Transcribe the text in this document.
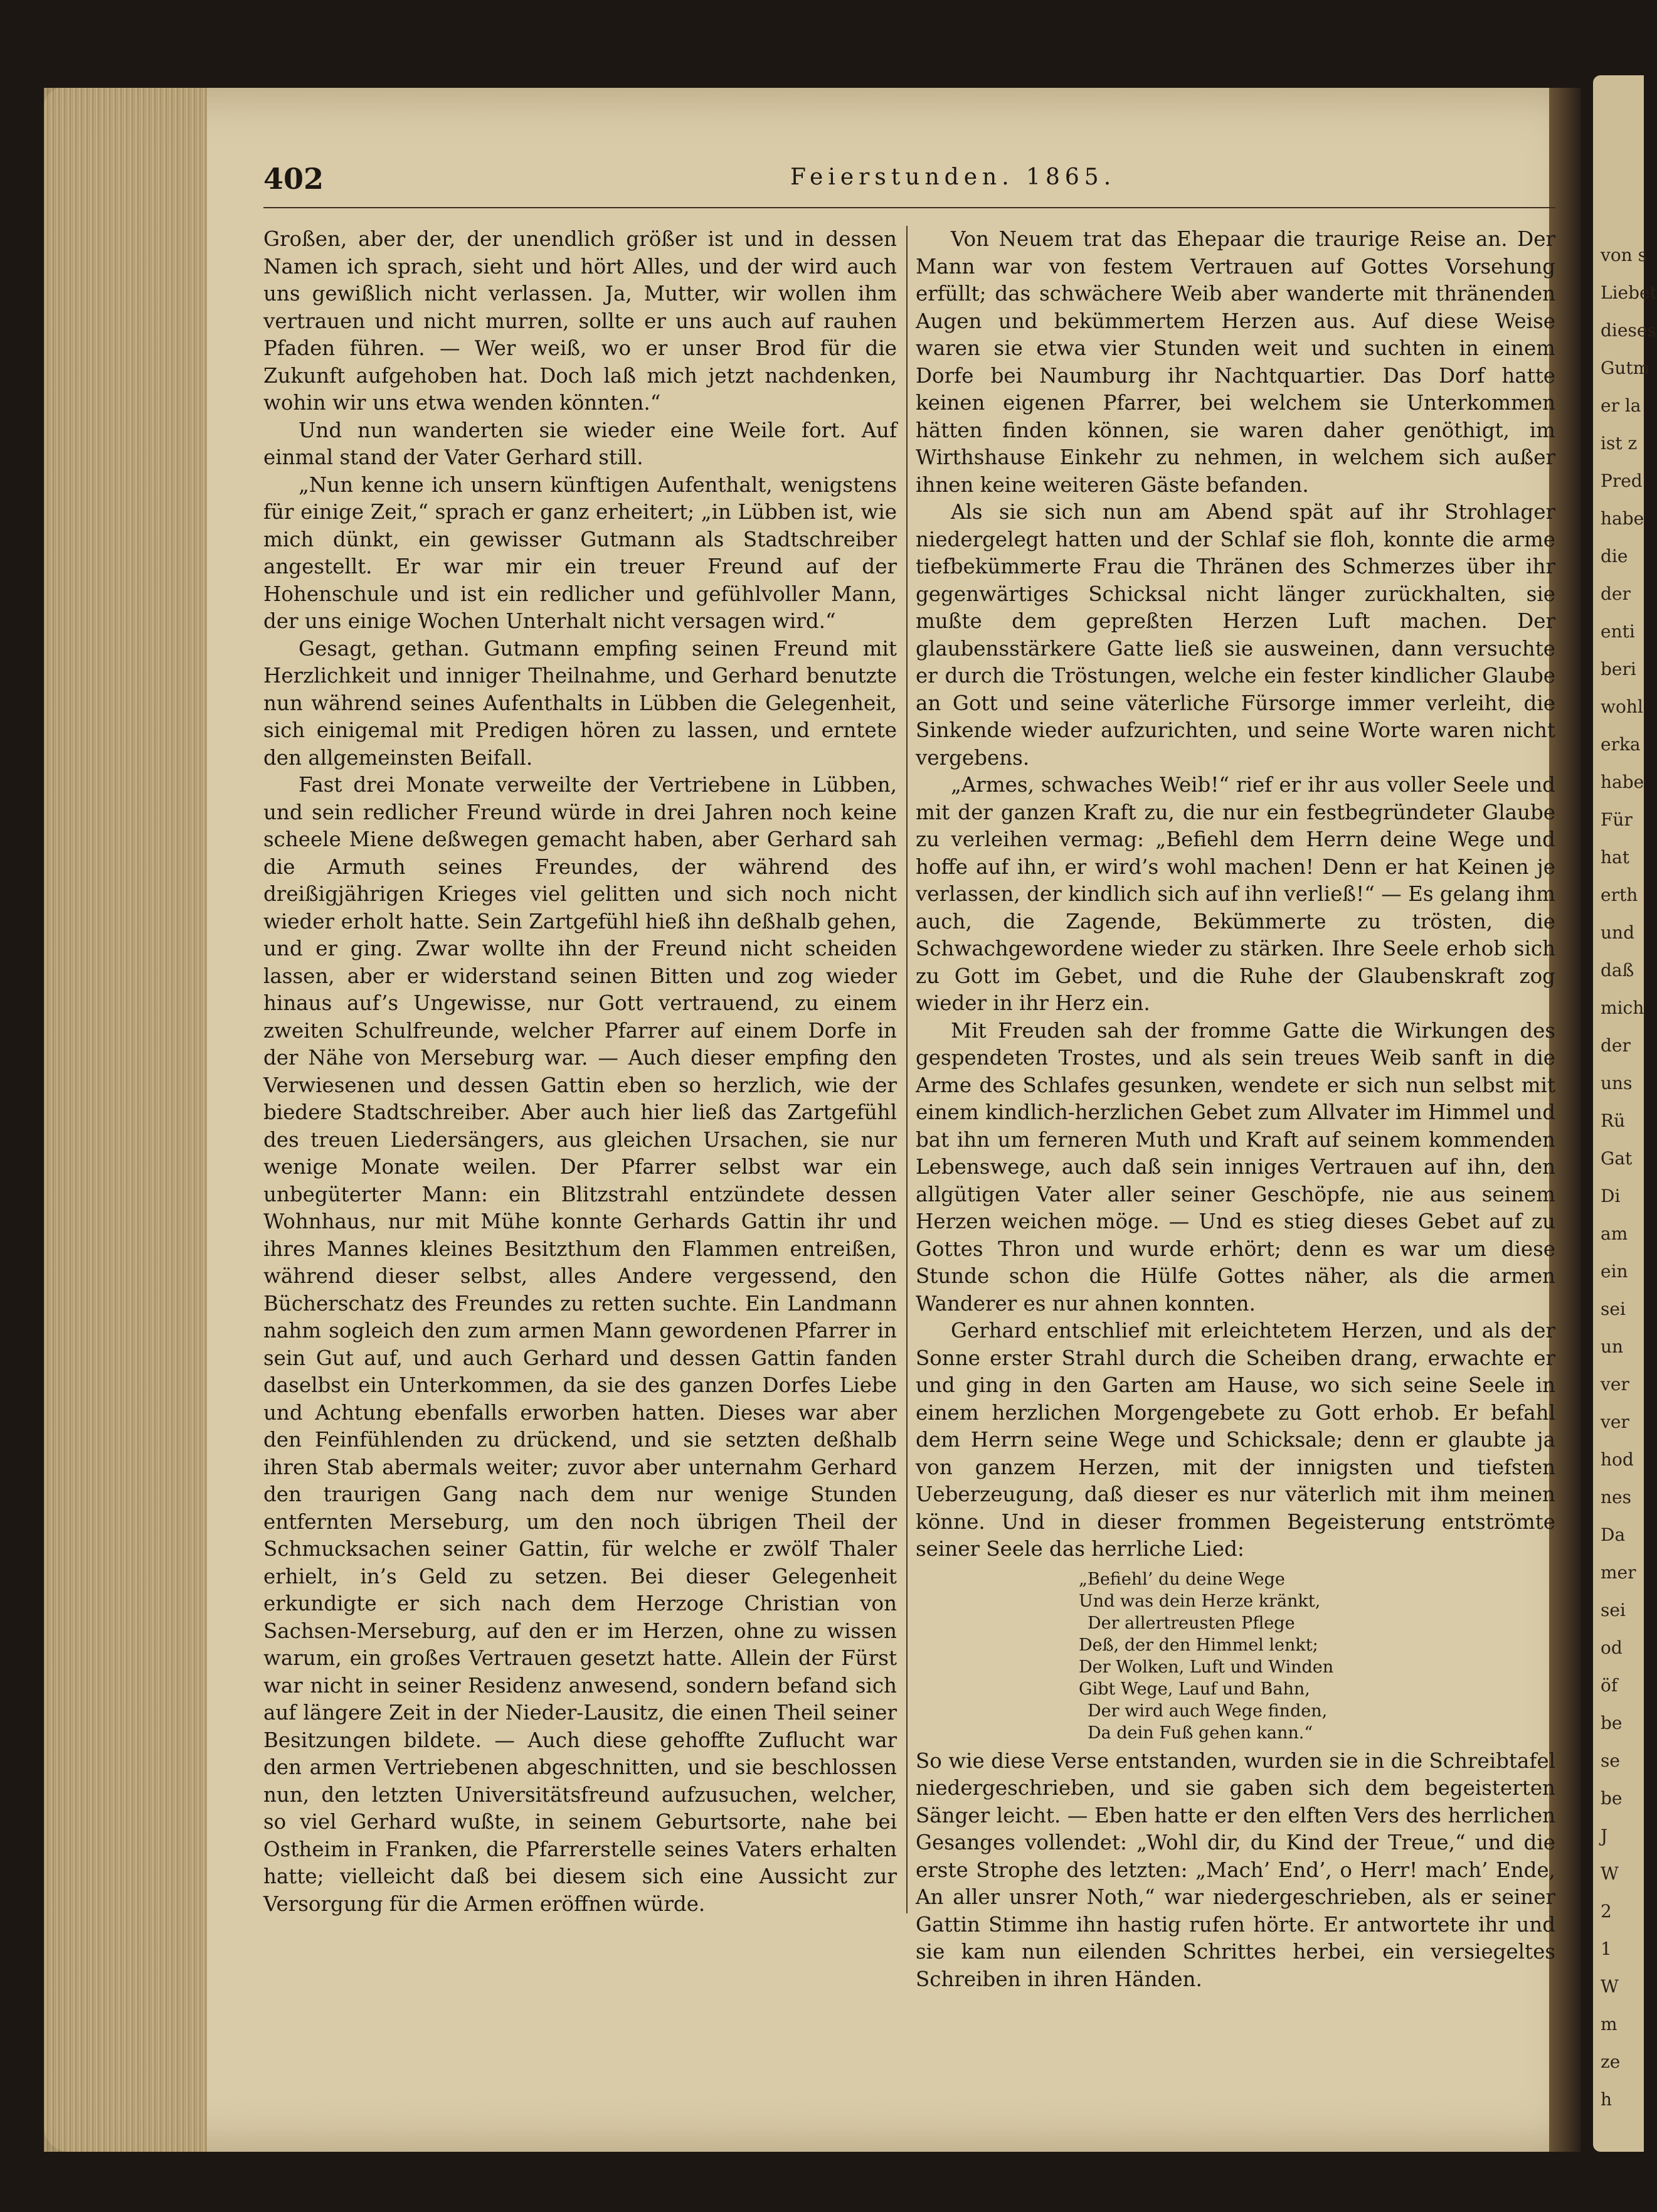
von s
Liebet
dieses
Gutm
er la
ist z
Pred
habe
die
der
enti
beri
wohl
erka
habe
Für
hat
erth
und
daß
mich
der
uns
Rü
Gat
Di
am
ein
sei
un
ver
ver
hod
nes
Da
mer
sei
od
öf
be
se
be
J
W
2
1
W
m
ze
h
402	Feierstunden. 1865.

Großen, aber der, der unendlich größer ist und in dessen Namen ich sprach, sieht und hört Alles, und der wird auch uns gewißlich nicht verlassen. Ja, Mutter, wir wollen ihm vertrauen und nicht murren, sollte er uns auch auf rauhen Pfaden führen. — Wer weiß, wo er unser Brod für die Zukunft aufgehoben hat. Doch laß mich jetzt nachdenken, wohin wir uns etwa wenden könnten.“

Und nun wanderten sie wieder eine Weile fort. Auf einmal stand der Vater Gerhard still.

„Nun kenne ich unsern künftigen Aufenthalt, wenigstens für einige Zeit,“ sprach er ganz erheitert; „in Lübben ist, wie mich dünkt, ein gewisser Gutmann als Stadtschreiber angestellt. Er war mir ein treuer Freund auf der Hohenschule und ist ein redlicher und gefühlvoller Mann, der uns einige Wochen Unterhalt nicht versagen wird.“

Gesagt, gethan. Gutmann empfing seinen Freund mit Herzlichkeit und inniger Theilnahme, und Gerhard benutzte nun während seines Aufenthalts in Lübben die Gelegenheit, sich einigemal mit Predigen hören zu lassen, und erntete den allgemeinsten Beifall.

Fast drei Monate verweilte der Vertriebene in Lübben, und sein redlicher Freund würde in drei Jahren noch keine scheele Miene deßwegen gemacht haben, aber Gerhard sah die Armuth seines Freundes, der während des dreißigjährigen Krieges viel gelitten und sich noch nicht wieder erholt hatte. Sein Zartgefühl hieß ihn deßhalb gehen, und er ging. Zwar wollte ihn der Freund nicht scheiden lassen, aber er widerstand seinen Bitten und zog wieder hinaus auf’s Ungewisse, nur Gott vertrauend, zu einem zweiten Schulfreunde, welcher Pfarrer auf einem Dorfe in der Nähe von Merseburg war. — Auch dieser empfing den Verwiesenen und dessen Gattin eben so herzlich, wie der biedere Stadtschreiber. Aber auch hier ließ das Zartgefühl des treuen Liedersängers, aus gleichen Ursachen, sie nur wenige Monate weilen. Der Pfarrer selbst war ein unbegüterter Mann: ein Blitzstrahl entzündete dessen Wohnhaus, nur mit Mühe konnte Gerhards Gattin ihr und ihres Mannes kleines Besitzthum den Flammen entreißen, während dieser selbst, alles Andere vergessend, den Bücherschatz des Freundes zu retten suchte. Ein Landmann nahm sogleich den zum armen Mann gewordenen Pfarrer in sein Gut auf, und auch Gerhard und dessen Gattin fanden daselbst ein Unterkommen, da sie des ganzen Dorfes Liebe und Achtung ebenfalls erworben hatten. Dieses war aber den Feinfühlenden zu drückend, und sie setzten deßhalb ihren Stab abermals weiter; zuvor aber unternahm Gerhard den traurigen Gang nach dem nur wenige Stunden entfernten Merseburg, um den noch übrigen Theil der Schmucksachen seiner Gattin, für welche er zwölf Thaler erhielt, in’s Geld zu setzen. Bei dieser Gelegenheit erkundigte er sich nach dem Herzoge Christian von Sachsen-Merseburg, auf den er im Herzen, ohne zu wissen warum, ein großes Vertrauen gesetzt hatte. Allein der Fürst war nicht in seiner Residenz anwesend, sondern befand sich auf längere Zeit in der Nieder-Lausitz, die einen Theil seiner Besitzungen bildete. — Auch diese gehoffte Zuflucht war den armen Vertriebenen abgeschnitten, und sie beschlossen nun, den letzten Universitätsfreund aufzusuchen, welcher, so viel Gerhard wußte, in seinem Geburtsorte, nahe bei Ostheim in Franken, die Pfarrerstelle seines Vaters erhalten hatte; vielleicht daß bei diesem sich eine Aussicht zur Versorgung für die Armen eröffnen würde.

Von Neuem trat das Ehepaar die traurige Reise an. Der Mann war von festem Vertrauen auf Gottes Vorsehung erfüllt; das schwächere Weib aber wanderte mit thränenden Augen und bekümmertem Herzen aus. Auf diese Weise waren sie etwa vier Stunden weit und suchten in einem Dorfe bei Naumburg ihr Nachtquartier. Das Dorf hatte keinen eigenen Pfarrer, bei welchem sie Unterkommen hätten finden können, sie waren daher genöthigt, im Wirthshause Einkehr zu nehmen, in welchem sich außer ihnen keine weiteren Gäste befanden.

Als sie sich nun am Abend spät auf ihr Strohlager niedergelegt hatten und der Schlaf sie floh, konnte die arme tiefbekümmerte Frau die Thränen des Schmerzes über ihr gegenwärtiges Schicksal nicht länger zurückhalten, sie mußte dem gepreßten Herzen Luft machen. Der glaubensstärkere Gatte ließ sie ausweinen, dann versuchte er durch die Tröstungen, welche ein fester kindlicher Glaube an Gott und seine väterliche Fürsorge immer verleiht, die Sinkende wieder aufzurichten, und seine Worte waren nicht vergebens.

„Armes, schwaches Weib!“ rief er ihr aus voller Seele und mit der ganzen Kraft zu, die nur ein festbegründeter Glaube zu verleihen vermag: „Befiehl dem Herrn deine Wege und hoffe auf ihn, er wird’s wohl machen! Denn er hat Keinen je verlassen, der kindlich sich auf ihn verließ!“ — Es gelang ihm auch, die Zagende, Bekümmerte zu trösten, die Schwachgewordene wieder zu stärken. Ihre Seele erhob sich zu Gott im Gebet, und die Ruhe der Glaubenskraft zog wieder in ihr Herz ein.

Mit Freuden sah der fromme Gatte die Wirkungen des gespendeten Trostes, und als sein treues Weib sanft in die Arme des Schlafes gesunken, wendete er sich nun selbst mit einem kindlich-herzlichen Gebet zum Allvater im Himmel und bat ihn um ferneren Muth und Kraft auf seinem kommenden Lebenswege, auch daß sein inniges Vertrauen auf ihn, den allgütigen Vater aller seiner Geschöpfe, nie aus seinem Herzen weichen möge. — Und es stieg dieses Gebet auf zu Gottes Thron und wurde erhört; denn es war um diese Stunde schon die Hülfe Gottes näher, als die armen Wanderer es nur ahnen konnten.

Gerhard entschlief mit erleichtetem Herzen, und als der Sonne erster Strahl durch die Scheiben drang, erwachte er und ging in den Garten am Hause, wo sich seine Seele in einem herzlichen Morgengebete zu Gott erhob. Er befahl dem Herrn seine Wege und Schicksale; denn er glaubte ja von ganzem Herzen, mit der innigsten und tiefsten Ueberzeugung, daß dieser es nur väterlich mit ihm meinen könne. Und in dieser frommen Begeisterung entströmte seiner Seele das herrliche Lied:

„Befiehl’ du deine Wege
Und was dein Herze kränkt,
Der allertreusten Pflege
Deß, der den Himmel lenkt;
Der Wolken, Luft und Winden
Gibt Wege, Lauf und Bahn,
Der wird auch Wege finden,
Da dein Fuß gehen kann.“

So wie diese Verse entstanden, wurden sie in die Schreibtafel niedergeschrieben, und sie gaben sich dem begeisterten Sänger leicht. — Eben hatte er den elften Vers des herrlichen Gesanges vollendet: „Wohl dir, du Kind der Treue,“ und die erste Strophe des letzten: „Mach’ End’, o Herr! mach’ Ende, An aller unsrer Noth,“ war niedergeschrieben, als er seiner Gattin Stimme ihn hastig rufen hörte. Er antwortete ihr und sie kam nun eilenden Schrittes herbei, ein versiegeltes Schreiben in ihren Händen.
